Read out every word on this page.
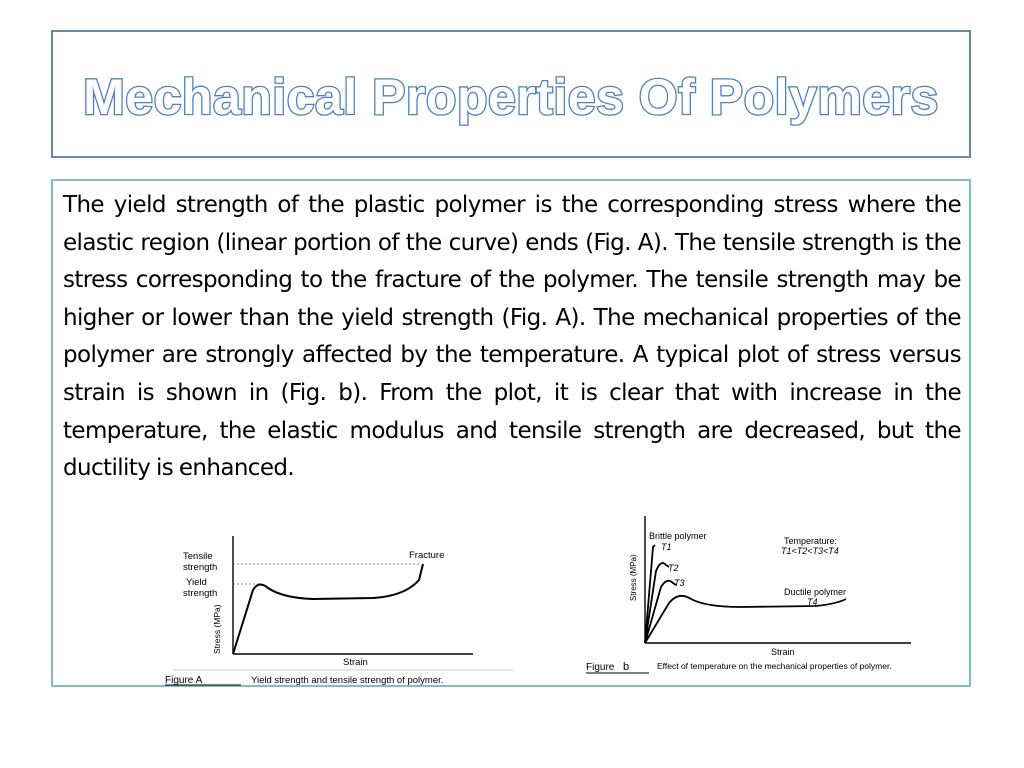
Mechanical Properties Of Polymers

The yield strength of the plastic polymer is the corresponding stress where the elastic region (linear portion of the curve) ends (Fig. A). The tensile strength is the stress corresponding to the fracture of the polymer. The tensile strength may be higher or lower than the yield strength (Fig. A). The mechanical properties of the polymer are strongly affected by the temperature. A typical plot of stress versus strain is shown in (Fig. b). From the plot, it is clear that with increase in the temperature, the elastic modulus and tensile strength are decreased, but the ductility is enhanced.

Tensile
strength
Yield
strength
Fracture
Stress (MPa)
Strain
Figure A	Yield strength and tensile strength of polymer.
Brittle polymer
T1
T2
T3
Temperature:
T1<T2<T3<T4
Ductile polymer
T4
Stress (MPa)
Strain
Figure b	Effect of temperature on the mechanical properties of polymer.
